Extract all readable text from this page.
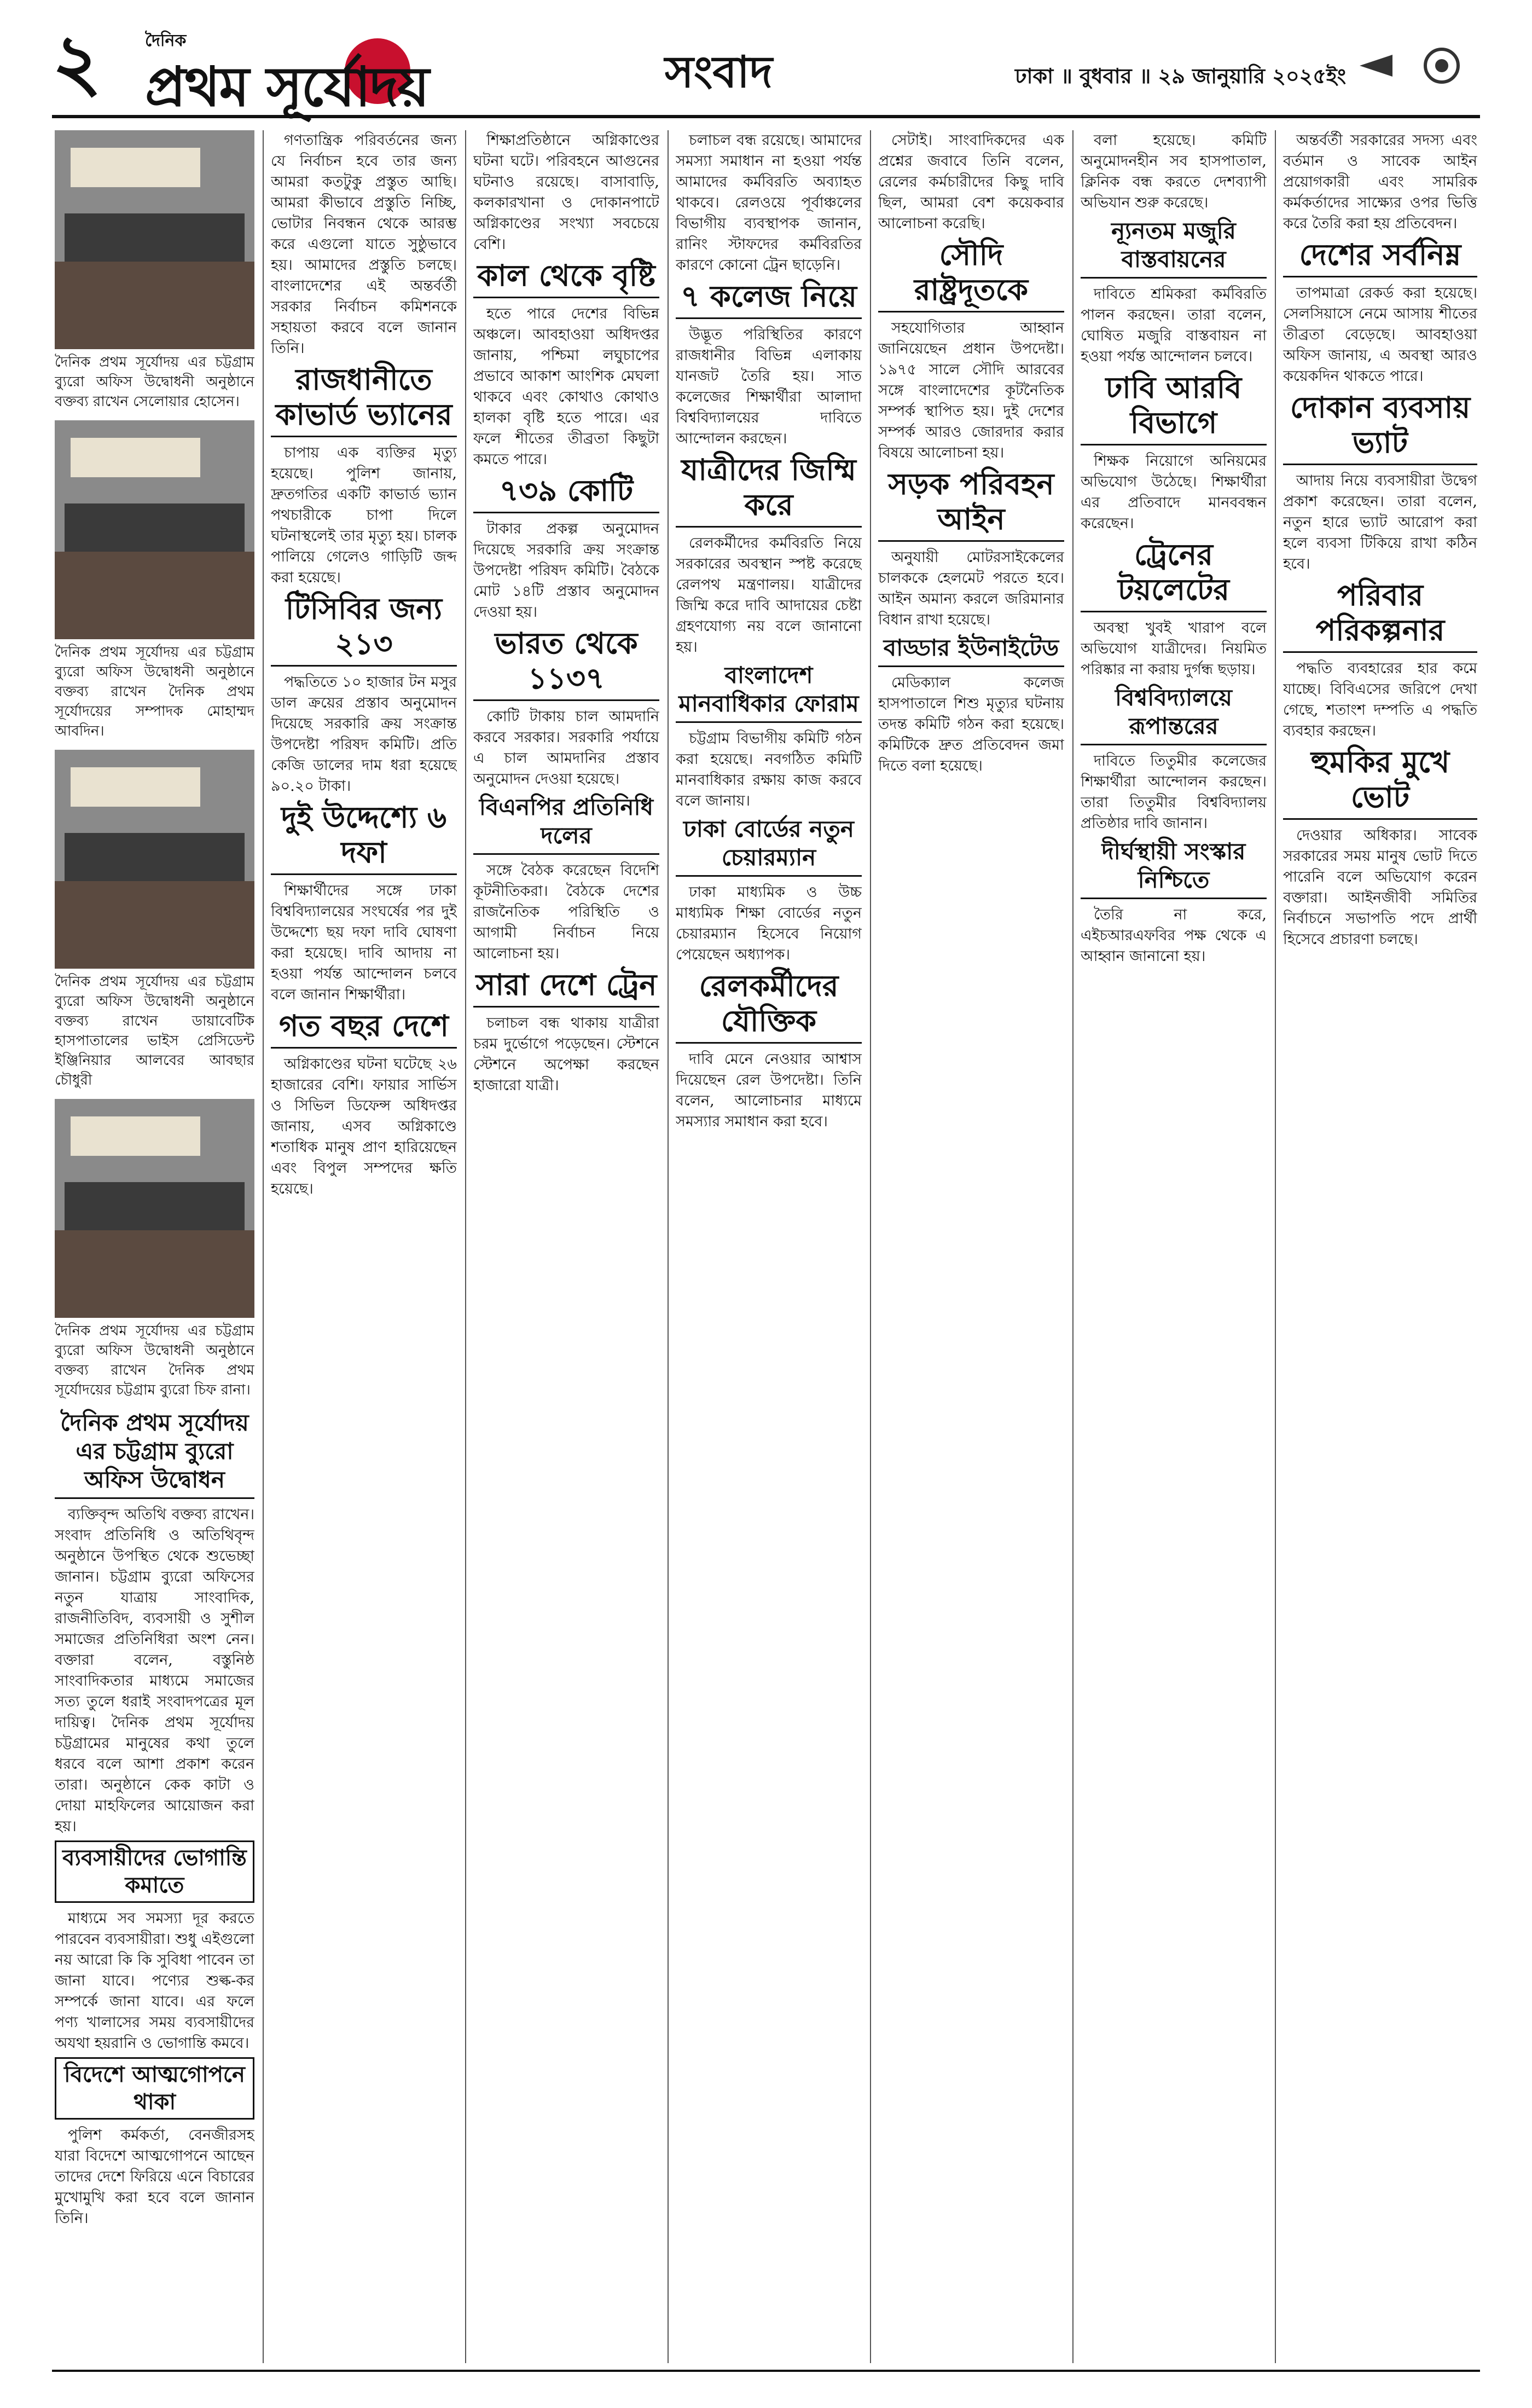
২	দৈনিক
প্রথম সূর্যোদয়	সংবাদ	ঢাকা ॥ বুধবার ॥ ২৯ জানুয়ারি ২০২৫ইং
দৈনিক প্রথম সূর্যোদয় এর চট্টগ্রাম ব্যুরো অফিস উদ্বোধনী অনুষ্ঠানে বক্তব্য রাখেন সেলোয়ার হোসেন।
দৈনিক প্রথম সূর্যোদয় এর চট্টগ্রাম ব্যুরো অফিস উদ্বোধনী অনুষ্ঠানে বক্তব্য রাখেন দৈনিক প্রথম সূর্যোদয়ের সম্পাদক মোহাম্মদ আবদিন।
দৈনিক প্রথম সূর্যোদয় এর চট্টগ্রাম ব্যুরো অফিস উদ্বোধনী অনুষ্ঠানে বক্তব্য রাখেন ডায়াবেটিক হাসপাতালের ভাইস প্রেসিডেন্ট ইঞ্জিনিয়ার আলবের আবছার চৌধুরী
দৈনিক প্রথম সূর্যোদয় এর চট্টগ্রাম ব্যুরো অফিস উদ্বোধনী অনুষ্ঠানে বক্তব্য রাখেন দৈনিক প্রথম সূর্যোদয়ের চট্টগ্রাম ব্যুরো চিফ রানা।
দৈনিক প্রথম সূর্যোদয় এর চট্টগ্রাম ব্যুরো অফিস উদ্বোধন

ব্যক্তিবৃন্দ অতিথি বক্তব্য রাখেন। সংবাদ প্রতিনিধি ও অতিথিবৃন্দ অনুষ্ঠানে উপস্থিত থেকে শুভেচ্ছা জানান। চট্টগ্রাম ব্যুরো অফিসের নতুন যাত্রায় সাংবাদিক, রাজনীতিবিদ, ব্যবসায়ী ও সুশীল সমাজের প্রতিনিধিরা অংশ নেন। বক্তারা বলেন, বস্তুনিষ্ঠ সাংবাদিকতার মাধ্যমে সমাজের সত্য তুলে ধরাই সংবাদপত্রের মূল দায়িত্ব। দৈনিক প্রথম সূর্যোদয় চট্টগ্রামের মানুষের কথা তুলে ধরবে বলে আশা প্রকাশ করেন তারা। অনুষ্ঠানে কেক কাটা ও দোয়া মাহফিলের আয়োজন করা হয়।

ব্যবসায়ীদের ভোগান্তি কমাতে

মাধ্যমে সব সমস্যা দূর করতে পারবেন ব্যবসায়ীরা। শুধু এইগুলো নয় আরো কি কি সুবিধা পাবেন তা জানা যাবে। পণ্যের শুল্ক-কর সম্পর্কে জানা যাবে। এর ফলে পণ্য খালাসের সময় ব্যবসায়ীদের অযথা হয়রানি ও ভোগান্তি কমবে।

বিদেশে আত্মগোপনে থাকা

পুলিশ কর্মকর্তা, বেনজীরসহ যারা বিদেশে আত্মগোপনে আছেন তাদের দেশে ফিরিয়ে এনে বিচারের মুখোমুখি করা হবে বলে জানান তিনি।

গণতান্ত্রিক পরিবর্তনের জন্য যে নির্বাচন হবে তার জন্য আমরা কতটুকু প্রস্তুত আছি। আমরা কীভাবে প্রস্তুতি নিচ্ছি, ভোটার নিবন্ধন থেকে আরম্ভ করে এগুলো যাতে সুষ্ঠুভাবে হয়। আমাদের প্রস্তুতি চলছে। বাংলাদেশের এই অন্তর্বর্তী সরকার নির্বাচন কমিশনকে সহায়তা করবে বলে জানান তিনি।

রাজধানীতে কাভার্ড ভ্যানের

চাপায় এক ব্যক্তির মৃত্যু হয়েছে। পুলিশ জানায়, দ্রুতগতির একটি কাভার্ড ভ্যান পথচারীকে চাপা দিলে ঘটনাস্থলেই তার মৃত্যু হয়। চালক পালিয়ে গেলেও গাড়িটি জব্দ করা হয়েছে।

টিসিবির জন্য ২১৩

পদ্ধতিতে ১০ হাজার টন মসুর ডাল ক্রয়ের প্রস্তাব অনুমোদন দিয়েছে সরকারি ক্রয় সংক্রান্ত উপদেষ্টা পরিষদ কমিটি। প্রতি কেজি ডালের দাম ধরা হয়েছে ৯০.২০ টাকা।

দুই উদ্দেশ্যে ৬ দফা

শিক্ষার্থীদের সঙ্গে ঢাকা বিশ্ববিদ্যালয়ের সংঘর্ষের পর দুই উদ্দেশ্যে ছয় দফা দাবি ঘোষণা করা হয়েছে। দাবি আদায় না হওয়া পর্যন্ত আন্দোলন চলবে বলে জানান শিক্ষার্থীরা।

গত বছর দেশে

অগ্নিকাণ্ডের ঘটনা ঘটেছে ২৬ হাজারের বেশি। ফায়ার সার্ভিস ও সিভিল ডিফেন্স অধিদপ্তর জানায়, এসব অগ্নিকাণ্ডে শতাধিক মানুষ প্রাণ হারিয়েছেন এবং বিপুল সম্পদের ক্ষতি হয়েছে।

শিক্ষাপ্রতিষ্ঠানে অগ্নিকাণ্ডের ঘটনা ঘটে। পরিবহনে আগুনের ঘটনাও রয়েছে। বাসাবাড়ি, কলকারখানা ও দোকানপাটে অগ্নিকাণ্ডের সংখ্যা সবচেয়ে বেশি।

কাল থেকে বৃষ্টি

হতে পারে দেশের বিভিন্ন অঞ্চলে। আবহাওয়া অধিদপ্তর জানায়, পশ্চিমা লঘুচাপের প্রভাবে আকাশ আংশিক মেঘলা থাকবে এবং কোথাও কোথাও হালকা বৃষ্টি হতে পারে। এর ফলে শীতের তীব্রতা কিছুটা কমতে পারে।

৭৩৯ কোটি

টাকার প্রকল্প অনুমোদন দিয়েছে সরকারি ক্রয় সংক্রান্ত উপদেষ্টা পরিষদ কমিটি। বৈঠকে মোট ১৪টি প্রস্তাব অনুমোদন দেওয়া হয়।

ভারত থেকে ১১৩৭

কোটি টাকায় চাল আমদানি করবে সরকার। সরকারি পর্যায়ে এ চাল আমদানির প্রস্তাব অনুমোদন দেওয়া হয়েছে।

বিএনপির প্রতিনিধি দলের

সঙ্গে বৈঠক করেছেন বিদেশি কূটনীতিকরা। বৈঠকে দেশের রাজনৈতিক পরিস্থিতি ও আগামী নির্বাচন নিয়ে আলোচনা হয়।

সারা দেশে ট্রেন

চলাচল বন্ধ থাকায় যাত্রীরা চরম দুর্ভোগে পড়েছেন। স্টেশনে স্টেশনে অপেক্ষা করছেন হাজারো যাত্রী।

চলাচল বন্ধ রয়েছে। আমাদের সমস্যা সমাধান না হওয়া পর্যন্ত আমাদের কর্মবিরতি অব্যাহত থাকবে। রেলওয়ে পূর্বাঞ্চলের বিভাগীয় ব্যবস্থাপক জানান, রানিং স্টাফদের কর্মবিরতির কারণে কোনো ট্রেন ছাড়েনি।

৭ কলেজ নিয়ে

উদ্ভূত পরিস্থিতির কারণে রাজধানীর বিভিন্ন এলাকায় যানজট তৈরি হয়। সাত কলেজের শিক্ষার্থীরা আলাদা বিশ্ববিদ্যালয়ের দাবিতে আন্দোলন করছেন।

যাত্রীদের জিম্মি করে

রেলকর্মীদের কর্মবিরতি নিয়ে সরকারের অবস্থান স্পষ্ট করেছে রেলপথ মন্ত্রণালয়। যাত্রীদের জিম্মি করে দাবি আদায়ের চেষ্টা গ্রহণযোগ্য নয় বলে জানানো হয়।

বাংলাদেশ মানবাধিকার ফোরাম

চট্টগ্রাম বিভাগীয় কমিটি গঠন করা হয়েছে। নবগঠিত কমিটি মানবাধিকার রক্ষায় কাজ করবে বলে জানায়।

ঢাকা বোর্ডের নতুন চেয়ারম্যান

ঢাকা মাধ্যমিক ও উচ্চ মাধ্যমিক শিক্ষা বোর্ডের নতুন চেয়ারম্যান হিসেবে নিয়োগ পেয়েছেন অধ্যাপক।

রেলকর্মীদের যৌক্তিক

দাবি মেনে নেওয়ার আশ্বাস দিয়েছেন রেল উপদেষ্টা। তিনি বলেন, আলোচনার মাধ্যমে সমস্যার সমাধান করা হবে।

সেটাই। সাংবাদিকদের এক প্রশ্নের জবাবে তিনি বলেন, রেলের কর্মচারীদের কিছু দাবি ছিল, আমরা বেশ কয়েকবার আলোচনা করেছি।

সৌদি রাষ্ট্রদূতকে

সহযোগিতার আহ্বান জানিয়েছেন প্রধান উপদেষ্টা। ১৯৭৫ সালে সৌদি আরবের সঙ্গে বাংলাদেশের কূটনৈতিক সম্পর্ক স্থাপিত হয়। দুই দেশের সম্পর্ক আরও জোরদার করার বিষয়ে আলোচনা হয়।

সড়ক পরিবহন আইন

অনুযায়ী মোটরসাইকেলের চালককে হেলমেট পরতে হবে। আইন অমান্য করলে জরিমানার বিধান রাখা হয়েছে।

বাড্ডার ইউনাইটেড

মেডিক্যাল কলেজ হাসপাতালে শিশু মৃত্যুর ঘটনায় তদন্ত কমিটি গঠন করা হয়েছে। কমিটিকে দ্রুত প্রতিবেদন জমা দিতে বলা হয়েছে।

বলা হয়েছে। কমিটি অনুমোদনহীন সব হাসপাতাল, ক্লিনিক বন্ধ করতে দেশব্যাপী অভিযান শুরু করেছে।

ন্যূনতম মজুরি বাস্তবায়নের

দাবিতে শ্রমিকরা কর্মবিরতি পালন করছেন। তারা বলেন, ঘোষিত মজুরি বাস্তবায়ন না হওয়া পর্যন্ত আন্দোলন চলবে।

ঢাবি আরবি বিভাগে

শিক্ষক নিয়োগে অনিয়মের অভিযোগ উঠেছে। শিক্ষার্থীরা এর প্রতিবাদে মানববন্ধন করেছেন।

ট্রেনের টয়লেটের

অবস্থা খুবই খারাপ বলে অভিযোগ যাত্রীদের। নিয়মিত পরিষ্কার না করায় দুর্গন্ধ ছড়ায়।

বিশ্ববিদ্যালয়ে রূপান্তরের

দাবিতে তিতুমীর কলেজের শিক্ষার্থীরা আন্দোলন করছেন। তারা তিতুমীর বিশ্ববিদ্যালয় প্রতিষ্ঠার দাবি জানান।

দীর্ঘস্থায়ী সংস্কার নিশ্চিতে

তৈরি না করে, এইচআরএফবির পক্ষ থেকে এ আহ্বান জানানো হয়।

অন্তর্বর্তী সরকারের সদস্য এবং বর্তমান ও সাবেক আইন প্রয়োগকারী এবং সামরিক কর্মকর্তাদের সাক্ষ্যের ওপর ভিত্তি করে তৈরি করা হয় প্রতিবেদন।

দেশের সর্বনিম্ন

তাপমাত্রা রেকর্ড করা হয়েছে। সেলসিয়াসে নেমে আসায় শীতের তীব্রতা বেড়েছে। আবহাওয়া অফিস জানায়, এ অবস্থা আরও কয়েকদিন থাকতে পারে।

দোকান ব্যবসায় ভ্যাট

আদায় নিয়ে ব্যবসায়ীরা উদ্বেগ প্রকাশ করেছেন। তারা বলেন, নতুন হারে ভ্যাট আরোপ করা হলে ব্যবসা টিকিয়ে রাখা কঠিন হবে।

পরিবার পরিকল্পনার

পদ্ধতি ব্যবহারের হার কমে যাচ্ছে। বিবিএসের জরিপে দেখা গেছে, শতাংশ দম্পতি এ পদ্ধতি ব্যবহার করছেন।

হুমকির মুখে ভোট

দেওয়ার অধিকার। সাবেক সরকারের সময় মানুষ ভোট দিতে পারেনি বলে অভিযোগ করেন বক্তারা। আইনজীবী সমিতির নির্বাচনে সভাপতি পদে প্রার্থী হিসেবে প্রচারণা চলছে।
